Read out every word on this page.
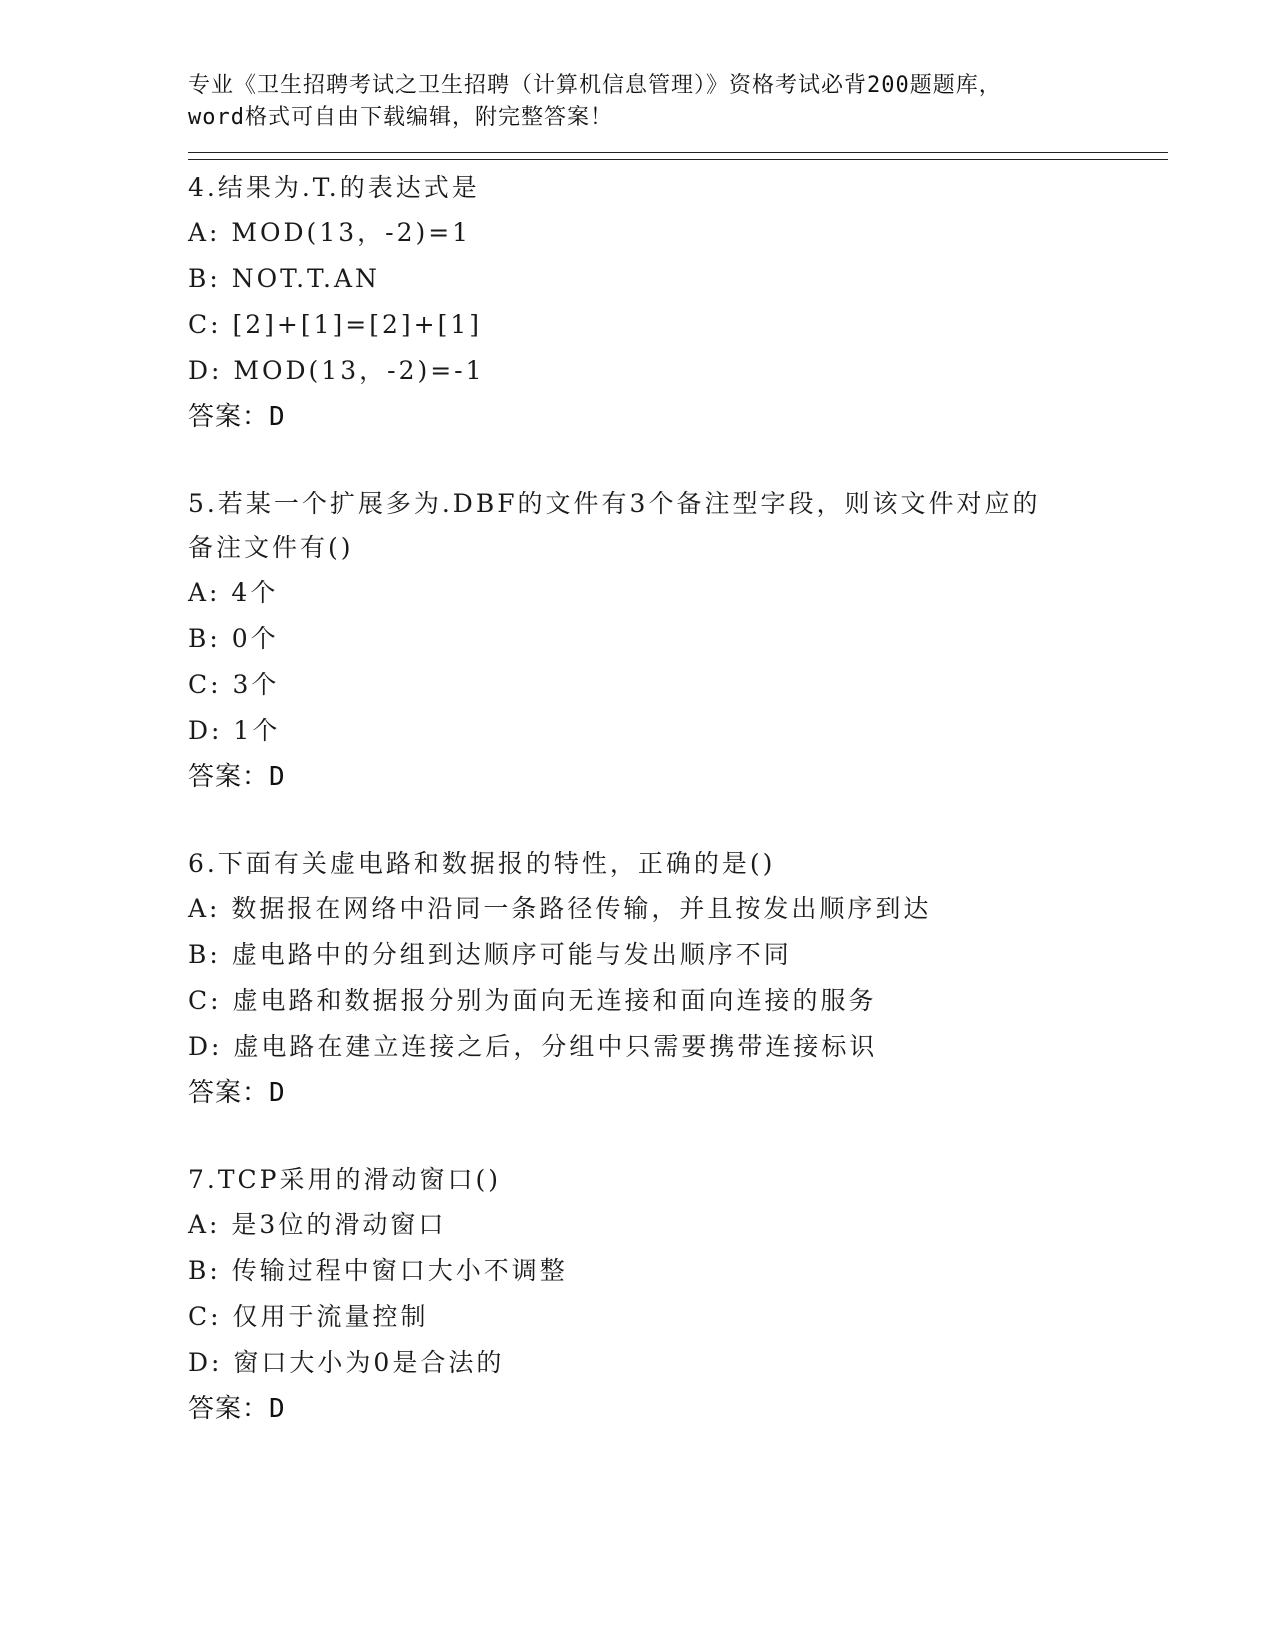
专业《卫生招聘考试之卫生招聘（计算机信息管理）》资格考试必背200题题库，
word格式可自由下载编辑，附完整答案！
4.结果为.T.的表达式是
A: MOD(13，-2)=1
B: NOT.T.AN
C: [2]+[1]=[2]+[1]
D: MOD(13，-2)=-1
答案：D
5.若某一个扩展多为.DBF的文件有3个备注型字段，则该文件对应的备注文件有()
A: 4个
B: 0个
C: 3个
D: 1个
答案：D
6.下面有关虚电路和数据报的特性，正确的是()
A: 数据报在网络中沿同一条路径传输，并且按发出顺序到达
B: 虚电路中的分组到达顺序可能与发出顺序不同
C: 虚电路和数据报分别为面向无连接和面向连接的服务
D: 虚电路在建立连接之后，分组中只需要携带连接标识
答案：D
7.TCP采用的滑动窗口()
A: 是3位的滑动窗口
B: 传输过程中窗口大小不调整
C: 仅用于流量控制
D: 窗口大小为0是合法的
答案：D
